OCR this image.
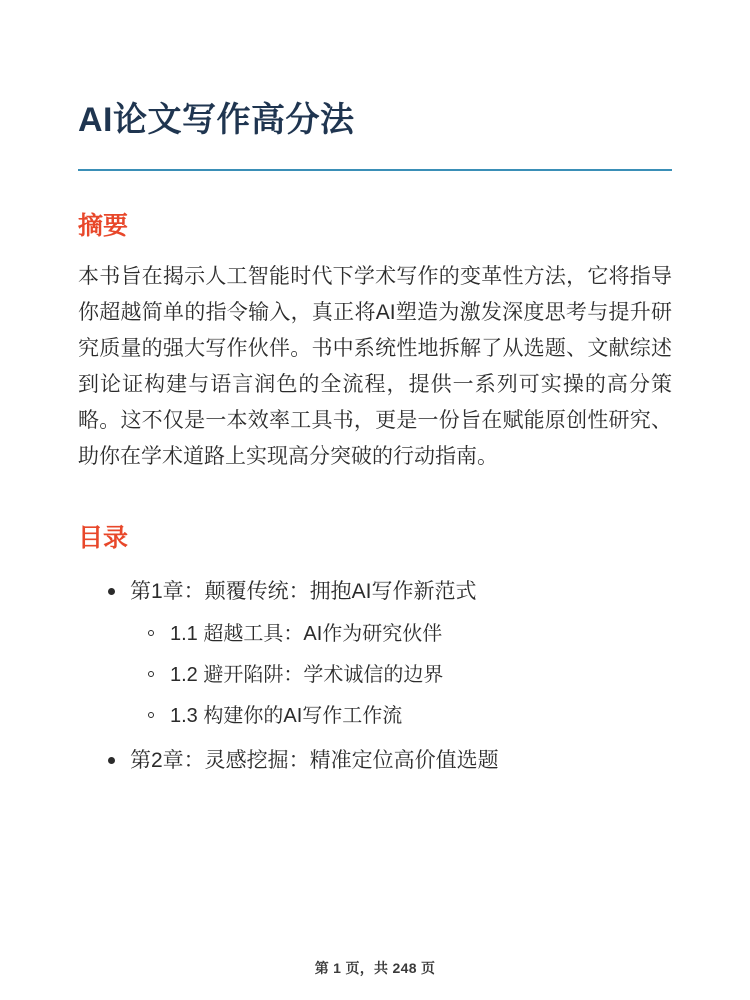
AI论文写作高分法
摘要

本书旨在揭示人工智能时代下学术写作的变革性方法，它将指导你超越简单的指令输入，真正将AI塑造为激发深度思考与提升研究质量的强大写作伙伴。书中系统性地拆解了从选题、文献综述到论证构建与语言润色的全流程，提供一系列可实操的高分策略。这不仅是一本效率工具书，更是一份旨在赋能原创性研究、助你在学术道路上实现高分突破的行动指南。

目录
第1章：颠覆传统：拥抱AI写作新范式
1.1 超越工具：AI作为研究伙伴
1.2 避开陷阱：学术诚信的边界
1.3 构建你的AI写作工作流
第2章：灵感挖掘：精准定位高价值选题
第 1 页，共 248 页
